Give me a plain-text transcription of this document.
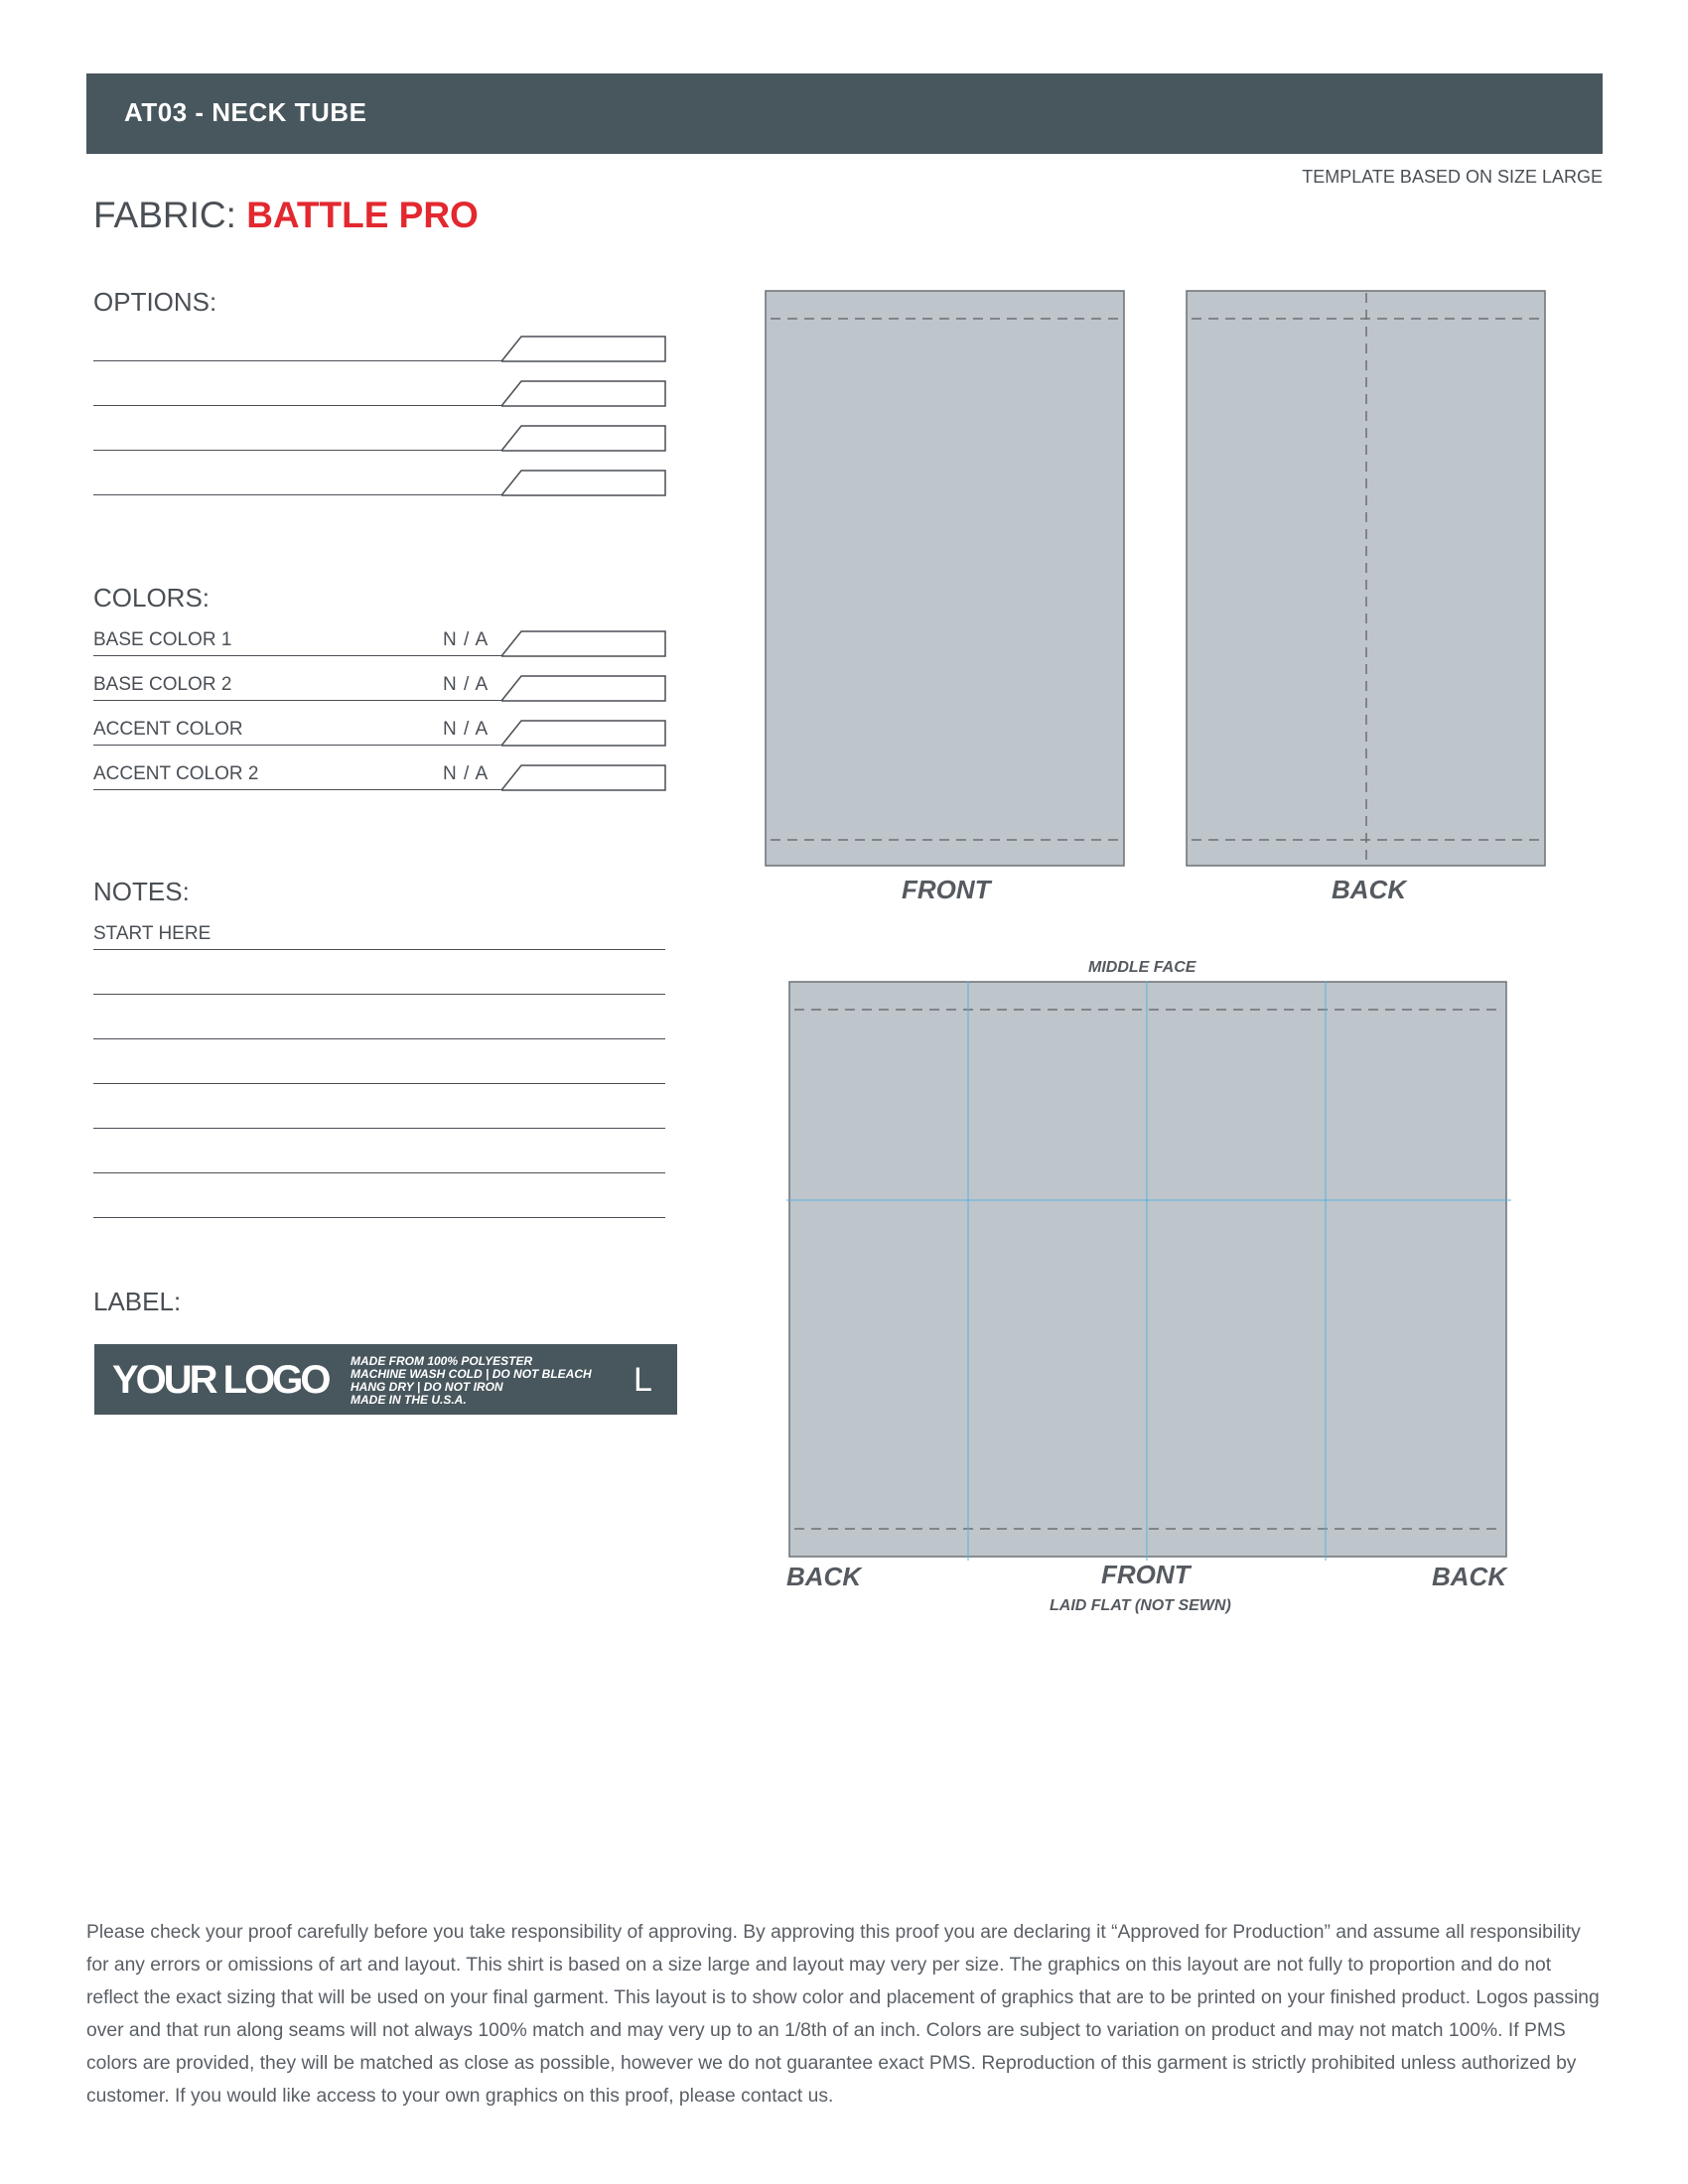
AT03 - NECK TUBE
TEMPLATE BASED ON SIZE LARGE
FABRIC: BATTLE PRO
OPTIONS:
COLORS:
BASE COLOR 1	N / A
BASE COLOR 2	N / A
ACCENT COLOR	N / A
ACCENT COLOR 2	N / A
NOTES:
START HERE
LABEL:
YOUR LOGO MADE FROM 100% POLYESTER
MACHINE WASH COLD | DO NOT BLEACH
HANG DRY | DO NOT IRON
MADE IN THE U.S.A.
L
FRONT	BACK
MIDDLE FACE
BACK	FRONT	BACK
LAID FLAT (NOT SEWN)
Please check your proof carefully before you take responsibility of approving. By approving this proof you are declaring it “Approved for Production” and assume all responsibility for any errors or omissions of art and layout. This shirt is based on a size large and layout may very per size. The graphics on this layout are not fully to proportion and do not reflect the exact sizing that will be used on your final garment. This layout is to show color and placement of graphics that are to be printed on your finished product. Logos passing over and that run along seams will not always 100% match and may very up to an 1/8th of an inch. Colors are subject to variation on product and may not match 100%. If PMS colors are provided, they will be matched as close as possible, however we do not guarantee exact PMS. Reproduction of this garment is strictly prohibited unless authorized by customer. If you would like access to your own graphics on this proof, please contact us.
